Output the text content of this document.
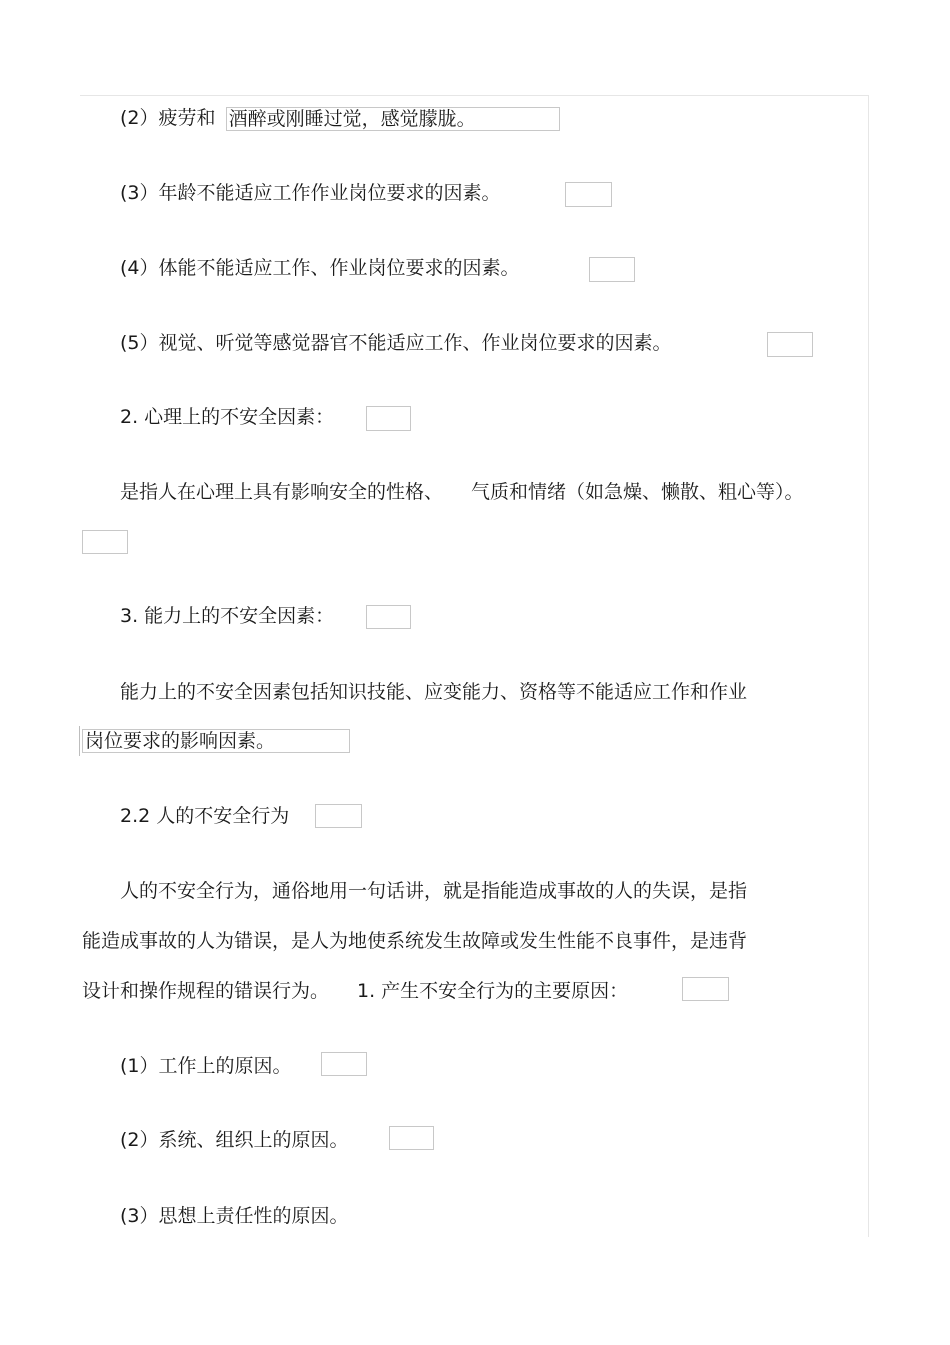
(2）疲劳和 酒醉或刚睡过觉，感觉朦胧。
(3）年龄不能适应工作作业岗位要求的因素。
(4）体能不能适应工作、作业岗位要求的因素。
(5）视觉、听觉等感觉器官不能适应工作、作业岗位要求的因素。
2. 心理上的不安全因素：
是指人在心理上具有影响安全的性格、 气质和情绪（如急燥、懒散、粗心等）。
3. 能力上的不安全因素：
能力上的不安全因素包括知识技能、应变能力、资格等不能适应工作和作业
岗位要求的影响因素。
2.2 人的不安全行为
人的不安全行为，通俗地用一句话讲，就是指能造成事故的人的失误，是指
能造成事故的人为错误，是人为地使系统发生故障或发生性能不良事件，是违背
设计和操作规程的错误行为。 1. 产生不安全行为的主要原因：
(1）工作上的原因。
(2）系统、组织上的原因。
(3）思想上责任性的原因。
